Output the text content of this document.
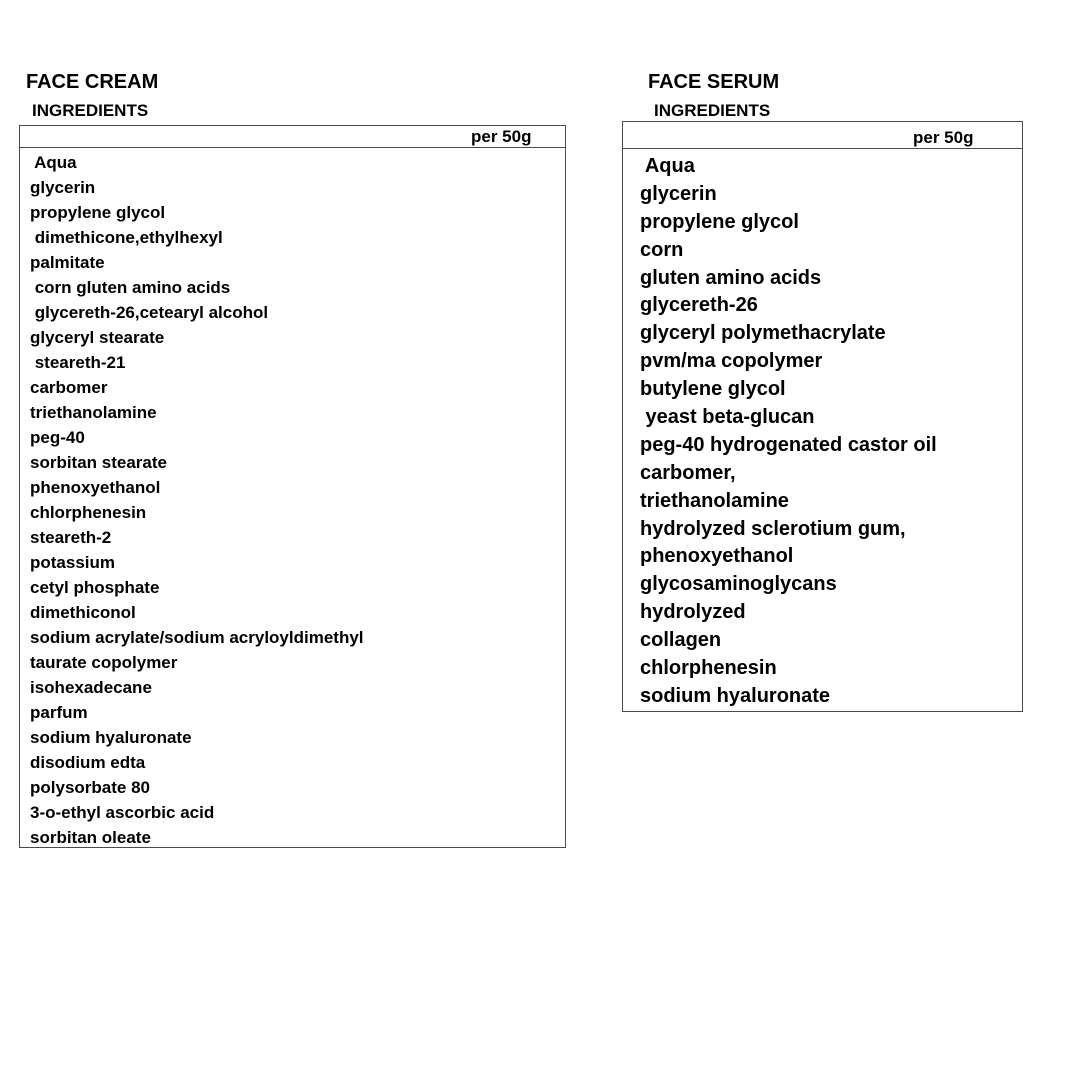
FACE CREAM
INGREDIENTS
per 50g
Aqua
glycerin
propylene glycol
dimethicone,ethylhexyl
palmitate
corn gluten amino acids
glycereth-26,cetearyl alcohol
glyceryl stearate
steareth-21
carbomer
triethanolamine
peg-40
sorbitan stearate
phenoxyethanol
chlorphenesin
steareth-2
potassium
cetyl phosphate
dimethiconol
sodium acrylate/sodium acryloyldimethyl
taurate copolymer
isohexadecane
parfum
sodium hyaluronate
disodium edta
polysorbate 80
3-o-ethyl ascorbic acid
sorbitan oleate
FACE SERUM
INGREDIENTS
per 50g
Aqua
glycerin
propylene glycol
corn
gluten amino acids
glycereth-26
glyceryl polymethacrylate
pvm/ma copolymer
butylene glycol
yeast beta-glucan
peg-40 hydrogenated castor oil
carbomer,
triethanolamine
hydrolyzed sclerotium gum,
phenoxyethanol
glycosaminoglycans
hydrolyzed
collagen
chlorphenesin
sodium hyaluronate
